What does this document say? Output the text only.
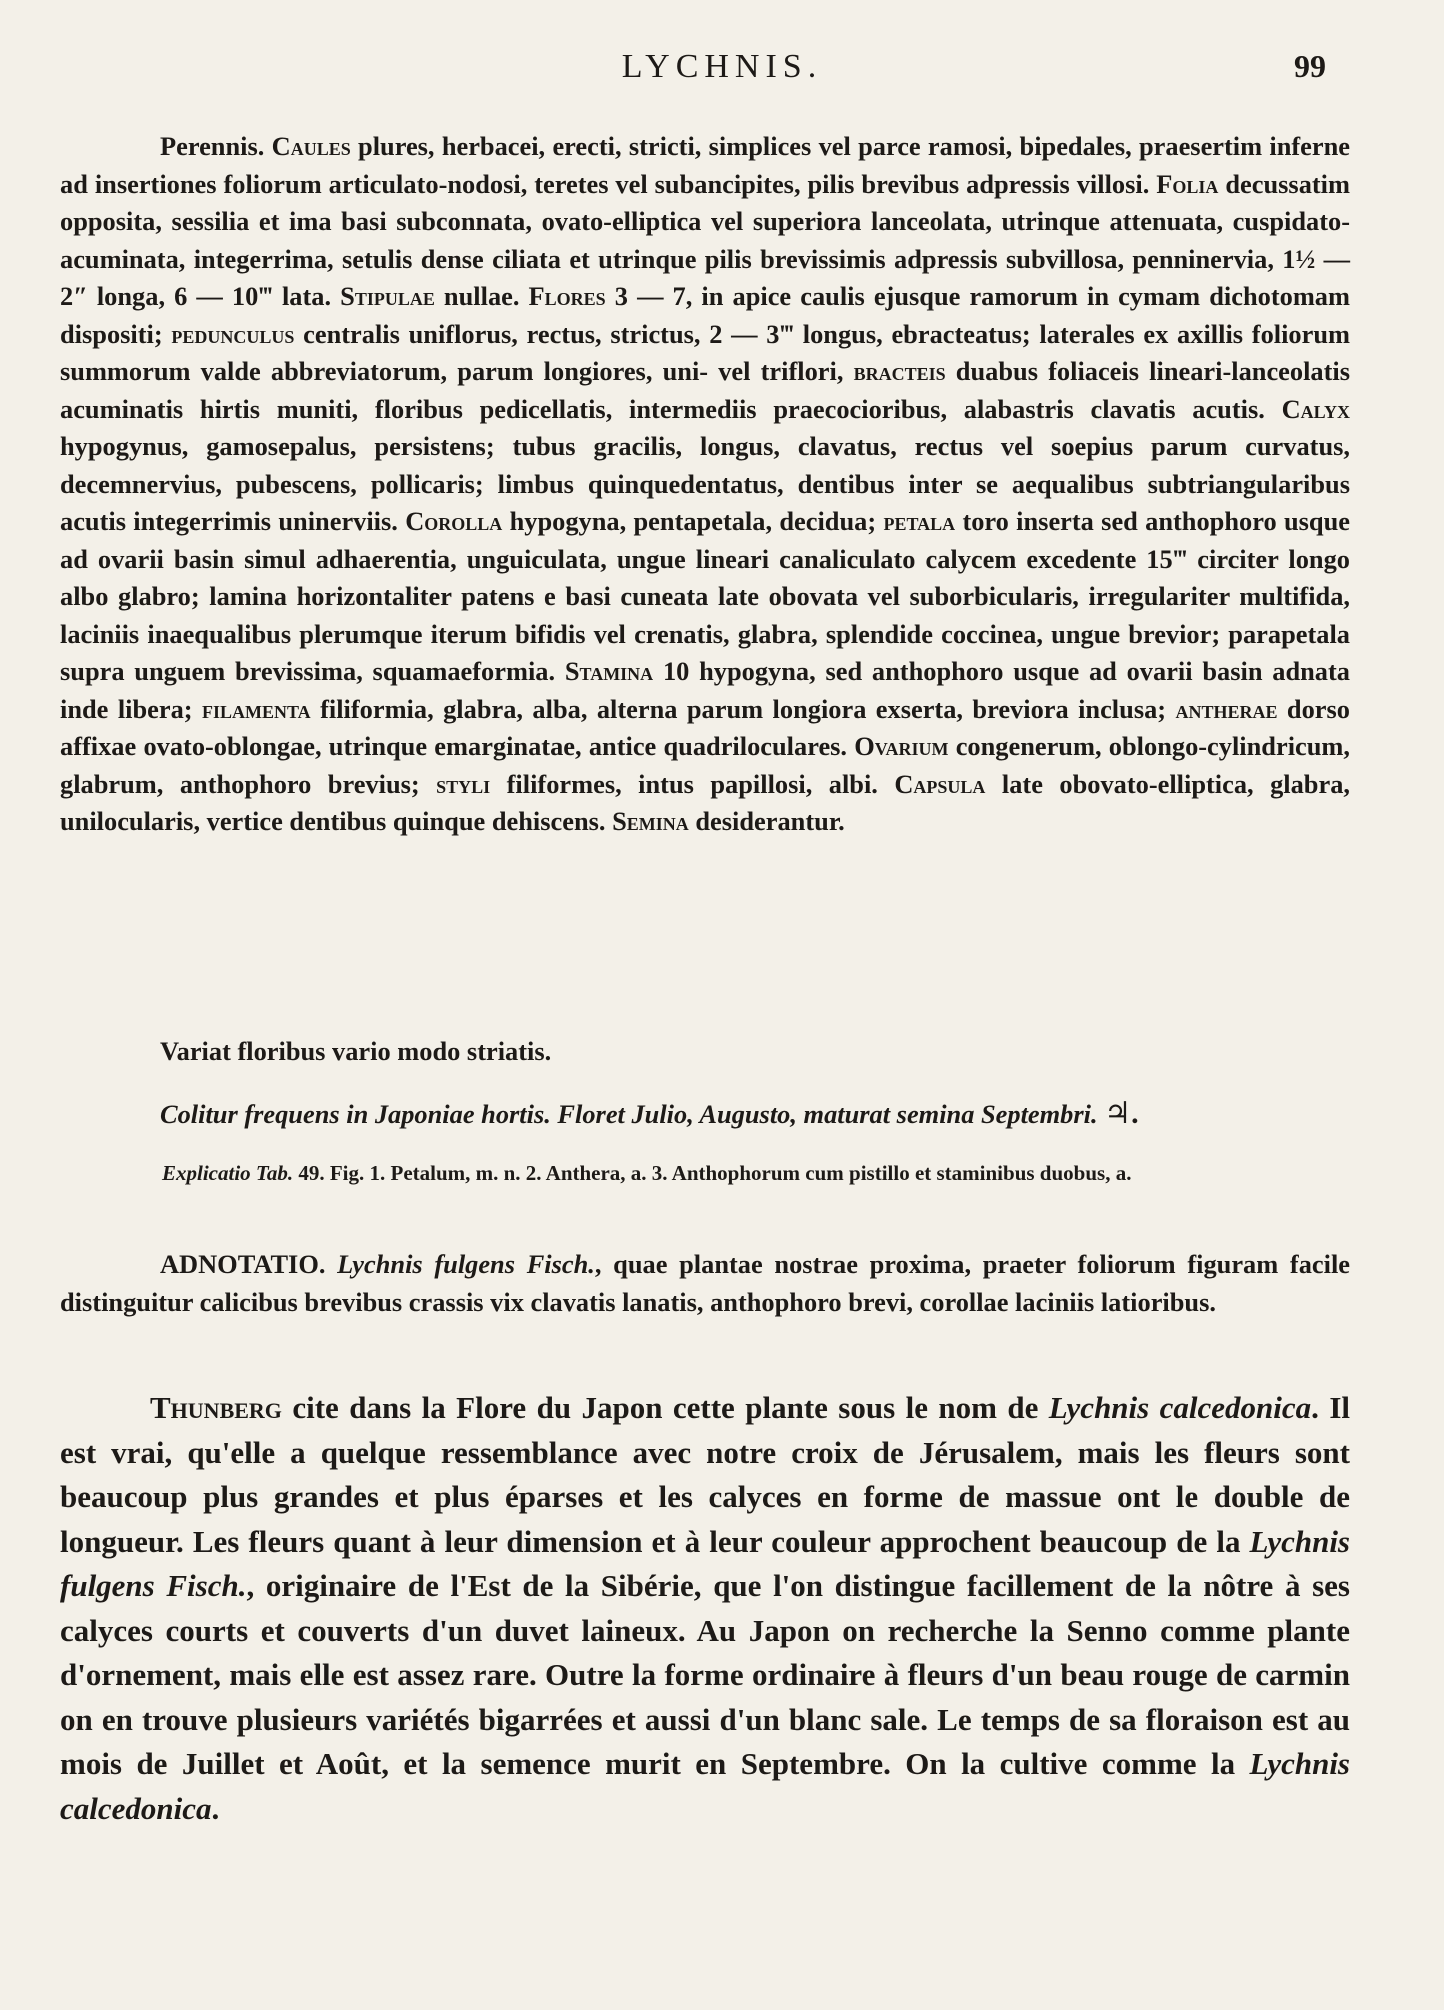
LYCHNIS.	99

Perennis. Caules plures, herbacei, erecti, stricti, simplices vel parce ramosi, bipedales, praesertim inferne ad insertiones foliorum articulato-nodosi, teretes vel subancipites, pilis brevibus adpressis villosi. Folia decussatim opposita, sessilia et ima basi subconnata, ovato-elliptica vel superiora lanceolata, utrinque attenuata, cuspidato-acuminata, integerrima, setulis dense ciliata et utrinque pilis brevissimis adpressis subvillosa, penninervia, 1½ — 2″ longa, 6 — 10‴ lata. Stipulae nullae. Flores 3 — 7, in apice caulis ejusque ramorum in cymam dichotomam dispositi; pedunculus centralis uniflorus, rectus, strictus, 2 — 3‴ longus, ebracteatus; laterales ex axillis foliorum summorum valde abbreviatorum, parum longiores, uni- vel triflori, bracteis duabus foliaceis lineari-lanceolatis acuminatis hirtis muniti, floribus pedicellatis, intermediis praecocioribus, alabastris clavatis acutis. Calyx hypogynus, gamosepalus, persistens; tubus gracilis, longus, clavatus, rectus vel soepius parum curvatus, decemnervius, pubescens, pollicaris; limbus quinquedentatus, dentibus inter se aequalibus subtriangularibus acutis integerrimis uninerviis. Corolla hypogyna, pentapetala, decidua; petala toro inserta sed anthophoro usque ad ovarii basin simul adhaerentia, unguiculata, ungue lineari canaliculato calycem excedente 15‴ circiter longo albo glabro; lamina horizontaliter patens e basi cuneata late obovata vel suborbicularis, irregulariter multifida, laciniis inaequalibus plerumque iterum bifidis vel crenatis, glabra, splendide coccinea, ungue brevior; parapetala supra unguem brevissima, squamaeformia. Stamina 10 hypogyna, sed anthophoro usque ad ovarii basin adnata inde libera; filamenta filiformia, glabra, alba, alterna parum longiora exserta, breviora inclusa; antherae dorso affixae ovato-oblongae, utrinque emarginatae, antice quadriloculares. Ovarium congenerum, oblongo-cylindricum, glabrum, anthophoro brevius; styli filiformes, intus papillosi, albi. Capsula late obovato-elliptica, glabra, unilocularis, vertice dentibus quinque dehiscens. Semina desiderantur.

Variat floribus vario modo striatis.

Colitur frequens in Japoniae hortis. Floret Julio, Augusto, maturat semina Septembri. ♃.

Explicatio Tab. 49. Fig. 1. Petalum, m. n. 2. Anthera, a. 3. Anthophorum cum pistillo et staminibus duobus, a.

ADNOTATIO. Lychnis fulgens Fisch., quae plantae nostrae proxima, praeter foliorum figuram facile distinguitur calicibus brevibus crassis vix clavatis lanatis, anthophoro brevi, corollae laciniis latioribus.

Thunberg cite dans la Flore du Japon cette plante sous le nom de Lychnis calcedonica. Il est vrai, qu'elle a quelque ressemblance avec notre croix de Jérusalem, mais les fleurs sont beaucoup plus grandes et plus éparses et les calyces en forme de massue ont le double de longueur. Les fleurs quant à leur dimension et à leur couleur approchent beaucoup de la Lychnis fulgens Fisch., originaire de l'Est de la Sibérie, que l'on distingue facillement de la nôtre à ses calyces courts et couverts d'un duvet laineux. Au Japon on recherche la Senno comme plante d'ornement, mais elle est assez rare. Outre la forme ordinaire à fleurs d'un beau rouge de carmin on en trouve plusieurs variétés bigarrées et aussi d'un blanc sale. Le temps de sa floraison est au mois de Juillet et Août, et la semence murit en Septembre. On la cultive comme la Lychnis calcedonica.
